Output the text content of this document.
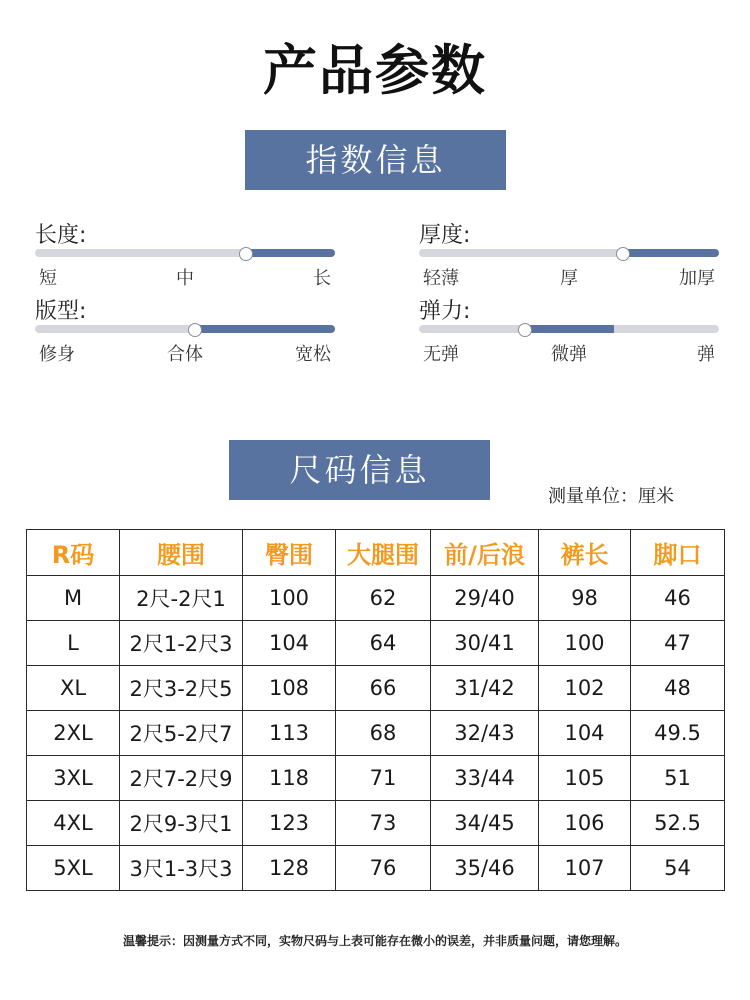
产品参数
指数信息
长度:
短	中	长
厚度:
轻薄	厚	加厚
版型:
修身	合体	宽松
弹力:
无弹	微弹	弹
尺码信息
测量单位：厘米
R码	腰围	臀围	大腿围	前/后浪	裤长	脚口
M	2尺-2尺1	100	62	29/40	98	46
L	2尺1-2尺3	104	64	30/41	100	47
XL	2尺3-2尺5	108	66	31/42	102	48
2XL	2尺5-2尺7	113	68	32/43	104	49.5
3XL	2尺7-2尺9	118	71	33/44	105	51
4XL	2尺9-3尺1	123	73	34/45	106	52.5
5XL	3尺1-3尺3	128	76	35/46	107	54
温馨提示：因测量方式不同，实物尺码与上表可能存在微小的误差，并非质量问题，请您理解。
